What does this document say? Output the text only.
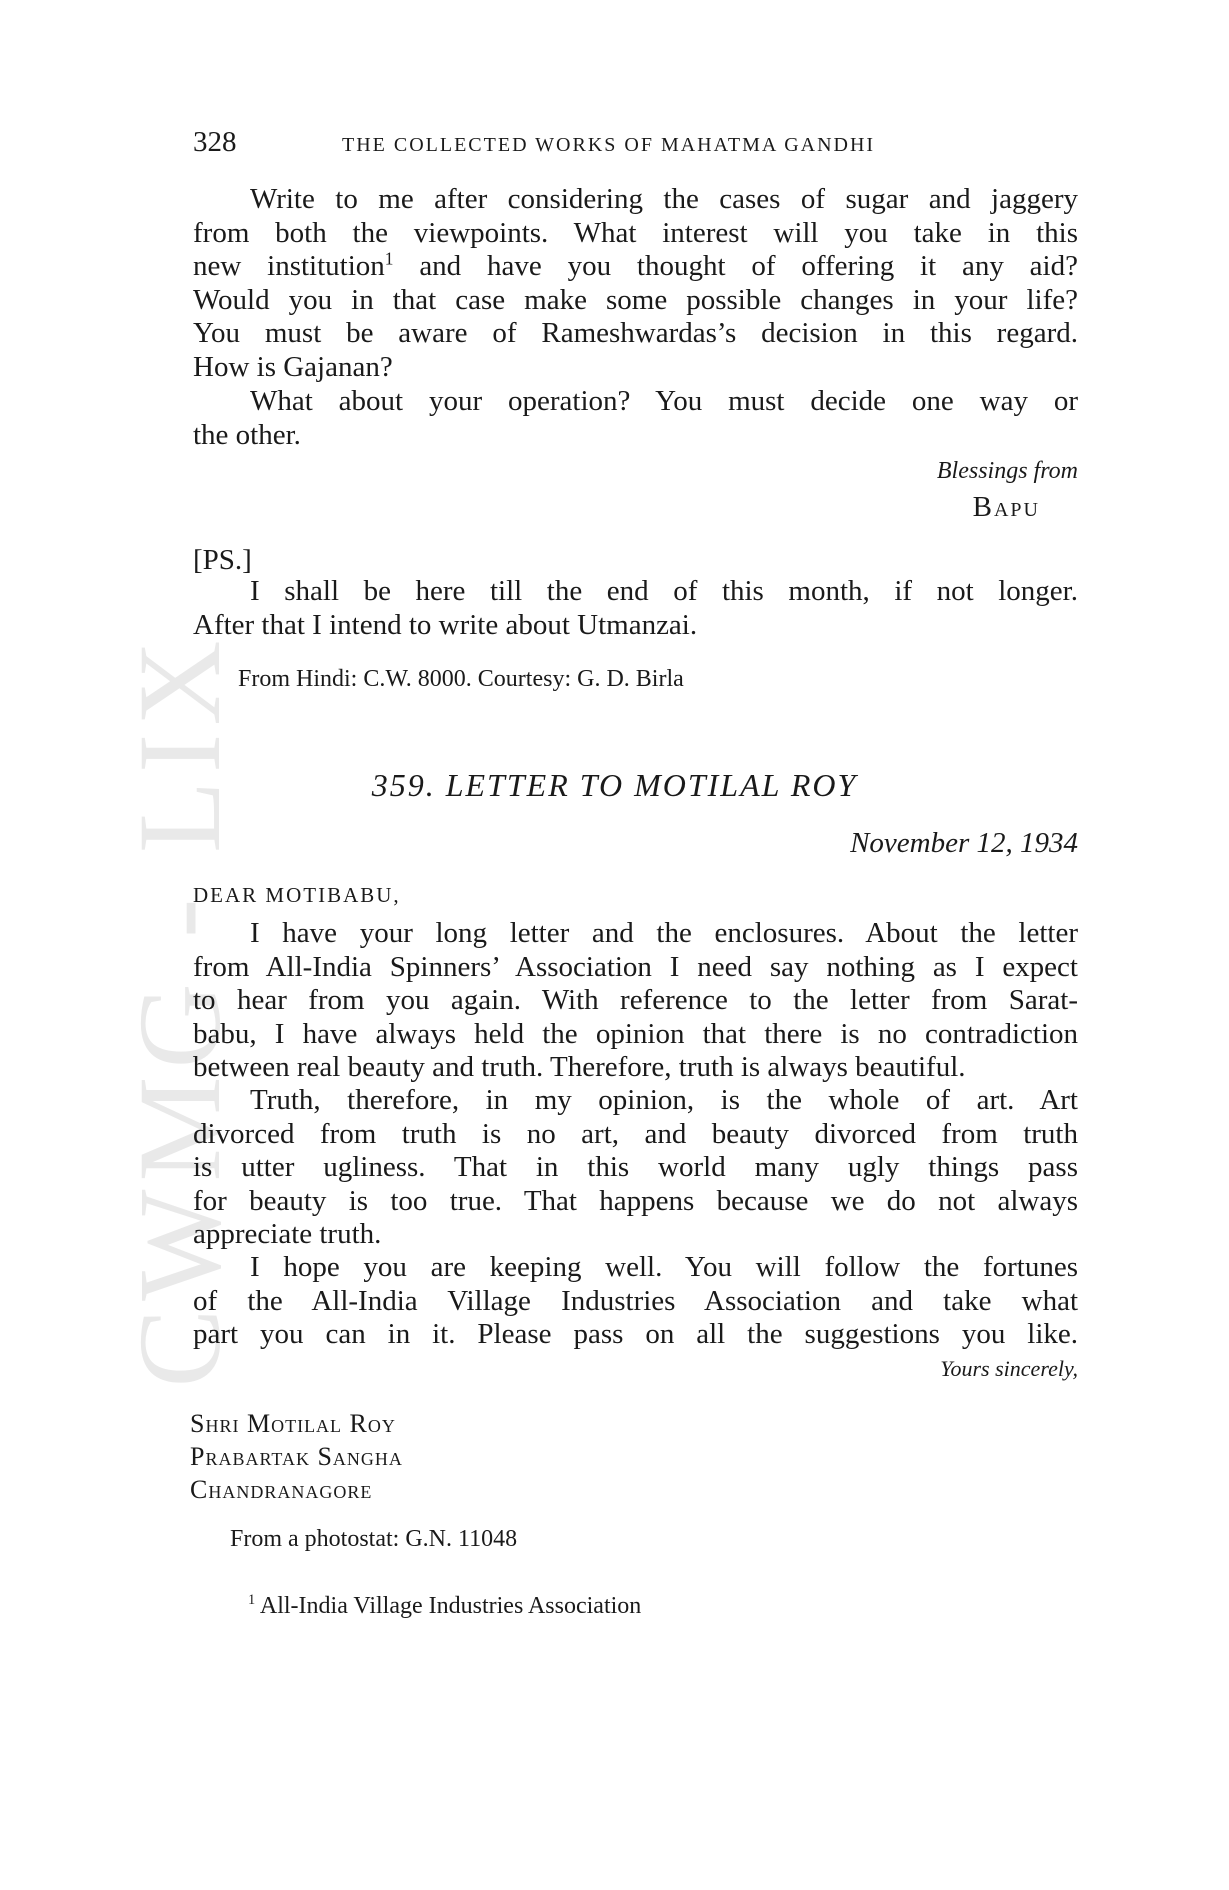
CWMG - LIX
328	THE COLLECTED WORKS OF MAHATMA GANDHI
Write to me after considering the cases of sugar and jaggery
from both the viewpoints. What interest will you take in this
new institution$^1$ and have you thought of offering it any aid?
Would you in that case make some possible changes in your life?
You must be aware of Rameshwardas’s decision in this regard.
How is Gajanan?
What about your operation? You must decide one way or
the other.
Blessings from
Bapu
[PS.]
I shall be here till the end of this month, if not longer.
After that I intend to write about Utmanzai.
From Hindi: C.W. 8000. Courtesy: G. D. Birla
359. LETTER TO MOTILAL ROY
November 12, 1934
DEAR MOTIBABU,
I have your long letter and the enclosures. About the letter
from All-India Spinners’ Association I need say nothing as I expect
to hear from you again. With reference to the letter from Sarat-
babu, I have always held the opinion that there is no contradiction
between real beauty and truth. Therefore, truth is always beautiful.
Truth, therefore, in my opinion, is the whole of art. Art
divorced from truth is no art, and beauty divorced from truth
is utter ugliness. That in this world many ugly things pass
for beauty is too true. That happens because we do not always
appreciate truth.
I hope you are keeping well. You will follow the fortunes
of the All-India Village Industries Association and take what
part you can in it. Please pass on all the suggestions you like.
Yours sincerely,
Shri Motilal Roy
Prabartak Sangha
Chandranagore
From a photostat: G.N. 11048
$^1$ All-India Village Industries Association
